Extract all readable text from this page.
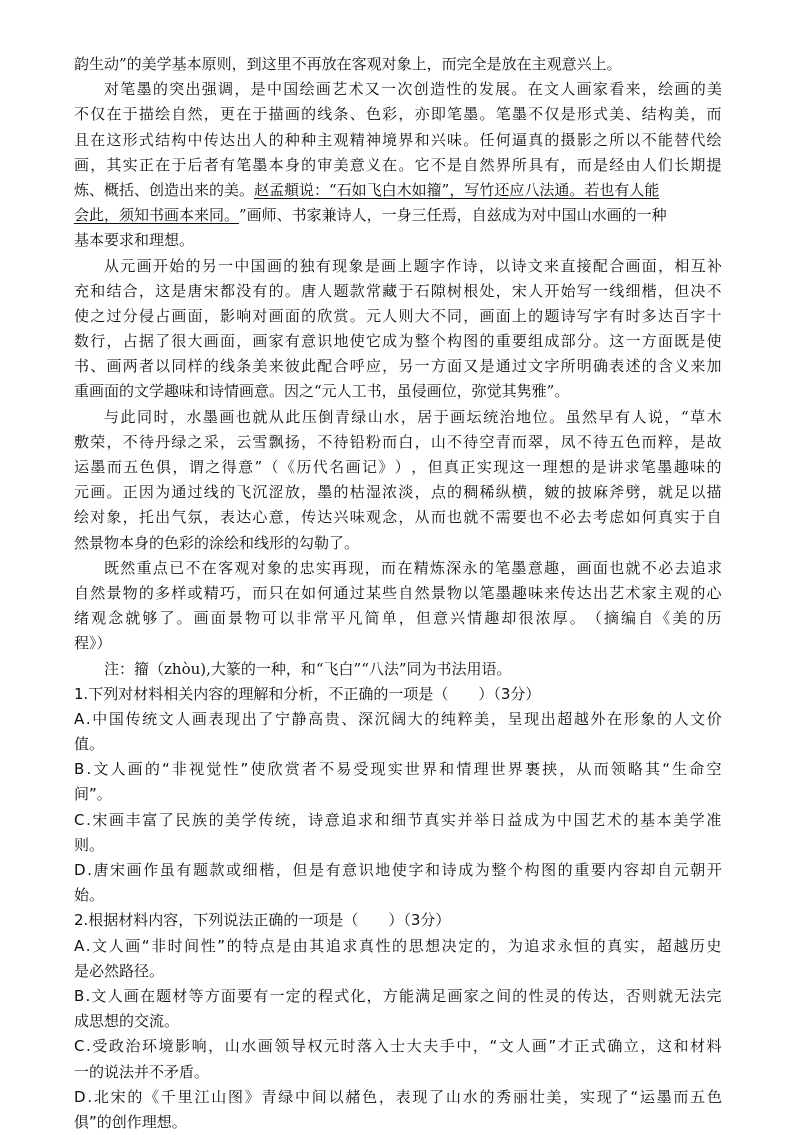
韵生动”的美学基本原则，到这里不再放在客观对象上，而完全是放在主观意兴上。
对 笔 墨 的 突 出 强 调 ， 是 中 国 绘 画 艺 术 又 一 次 创 造 性 的 发 展 。 在 文 人 画 家 看 来 ， 绘 画 的 美
不 仅 在 于 描 绘 自 然 ， 更 在 于 描 画 的 线 条 、 色 彩 ， 亦 即 笔 墨 。 笔 墨 不 仅 是 形 式 美 、 结 构 美 ， 而
且 在 这 形 式 结 构 中 传 达 出 人 的 种 种 主 观 精 神 境 界 和 兴 味 。 任 何 逼 真 的 摄 影 之 所 以 不 能 替 代 绘
画 ， 其 实 正 在 于 后 者 有 笔 墨 本 身 的 审 美 意 义 在 。 它 不 是 自 然 界 所 具 有 ， 而 是 经 由 人 们 长 期 提
炼、概括、创造出来的美。 赵孟頫说：“石如飞白木如籀”，写竹还应八法通。若也有人能
会此，须知书画本来同。 ”画师、书家兼诗人，一身三任焉，自兹成为对中国山水画的一种
基本要求和理想。
从 元 画 开 始 的 另 一 中 国 画 的 独 有 现 象 是 画 上 题 字 作 诗 ， 以 诗 文 来 直 接 配 合 画 面 ， 相 互 补
充 和 结 合 ， 这 是 唐 宋 都 没 有 的 。 唐 人 题 款 常 藏 于 石 隙 树 根 处 ， 宋 人 开 始 写 一 线 细 楷 ， 但 决 不
使 之 过 分 侵 占 画 面 ， 影 响 对 画 面 的 欣 赏 。 元 人 则 大 不 同 ， 画 面 上 的 题 诗 写 字 有 时 多 达 百 字 十
数 行 ， 占 据 了 很 大 画 面 ， 画 家 有 意 识 地 使 它 成 为 整 个 构 图 的 重 要 组 成 部 分 。 这 一 方 面 既 是 使
书 、 画 两 者 以 同 样 的 线 条 美 来 彼 此 配 合 呼 应 ， 另 一 方 面 又 是 通 过 文 字 所 明 确 表 述 的 含 义 来 加
重画面的文学趣味和诗情画意。因之“元人工书，虽侵画位，弥觉其隽雅”。
与 此 同 时 ， 水 墨 画 也 就 从 此 压 倒 青 绿 山 水 ， 居 于 画 坛 统 治 地 位 。 虽 然 早 有 人 说 ， “ 草 木
敷 荣 ， 不 待 丹 绿 之 采 ， 云 雪 飘 扬 ， 不 待 铅 粉 而 白 ， 山 不 待 空 青 而 翠 ， 凤 不 待 五 色 而 粹 ， 是 故
运 墨 而 五 色 俱 ， 谓 之 得 意 ” （ 《 历 代 名 画 记 》 ） ， 但 真 正 实 现 这 一 理 想 的 是 讲 求 笔 墨 趣 味 的
元 画 。 正 因 为 通 过 线 的 飞 沉 涩 放 ， 墨 的 枯 湿 浓 淡 ， 点 的 稠 稀 纵 横 ， 皴 的 披 麻 斧 劈 ， 就 足 以 描
绘 对 象 ， 托 出 气 氛 ， 表 达 心 意 ， 传 达 兴 味 观 念 ， 从 而 也 就 不 需 要 也 不 必 去 考 虑 如 何 真 实 于 自
然景物本身的色彩的涂绘和线形的勾勒了。
既 然 重 点 已 不 在 客 观 对 象 的 忠 实 再 现 ， 而 在 精 炼 深 永 的 笔 墨 意 趣 ， 画 面 也 就 不 必 去 追 求
自 然 景 物 的 多 样 或 精 巧 ， 而 只 在 如 何 通 过 某 些 自 然 景 物 以 笔 墨 趣 味 来 传 达 出 艺 术 家 主 观 的 心
绪 观 念 就 够 了 。 画 面 景 物 可 以 非 常 平 凡 简 单 ， 但 意 兴 情 趣 却 很 浓 厚 。 （ 摘 编 自 《 美 的 历
程》）
注：籀（zhòu),大篆的一种，和“飞白”“八法”同为书法用语。
1.下列对材料相关内容的理解和分析，不正确的一项是（　　）（3分）
A . 中 国 传 统 文 人 画 表 现 出 了 宁 静 高 贵 、 深 沉 阔 大 的 纯 粹 美 ， 呈 现 出 超 越 外 在 形 象 的 人 文 价
值。
B . 文 人 画 的 “ 非 视 觉 性 ” 使 欣 赏 者 不 易 受 现 实 世 界 和 情 理 世 界 裹 挟 ， 从 而 领 略 其 “ 生 命 空
间”。
C . 宋 画 丰 富 了 民 族 的 美 学 传 统 ， 诗 意 追 求 和 细 节 真 实 并 举 日 益 成 为 中 国 艺 术 的 基 本 美 学 准
则。
D . 唐 宋 画 作 虽 有 题 款 或 细 楷 ， 但 是 有 意 识 地 使 字 和 诗 成 为 整 个 构 图 的 重 要 内 容 却 自 元 朝 开
始。
2.根据材料内容，下列说法正确的一项是（　　）（3分）
A . 文 人 画 “ 非 时 间 性 ” 的 特 点 是 由 其 追 求 真 性 的 思 想 决 定 的 ， 为 追 求 永 恒 的 真 实 ， 超 越 历 史
是必然路径。
B . 文 人 画 在 题 材 等 方 面 要 有 一 定 的 程 式 化 ， 方 能 满 足 画 家 之 间 的 性 灵 的 传 达 ， 否 则 就 无 法 完
成思想的交流。
C . 受 政 治 环 境 影 响 ， 山 水 画 领 导 权 元 时 落 入 士 大 夫 手 中 ， “ 文 人 画 ” 才 正 式 确 立 ， 这 和 材 料
一的说法并不矛盾。
D . 北 宋 的 《 千 里 江 山 图 》 青 绿 中 间 以 赭 色 ， 表 现 了 山 水 的 秀 丽 壮 美 ， 实 现 了 “ 运 墨 而 五 色
俱”的创作理想。
